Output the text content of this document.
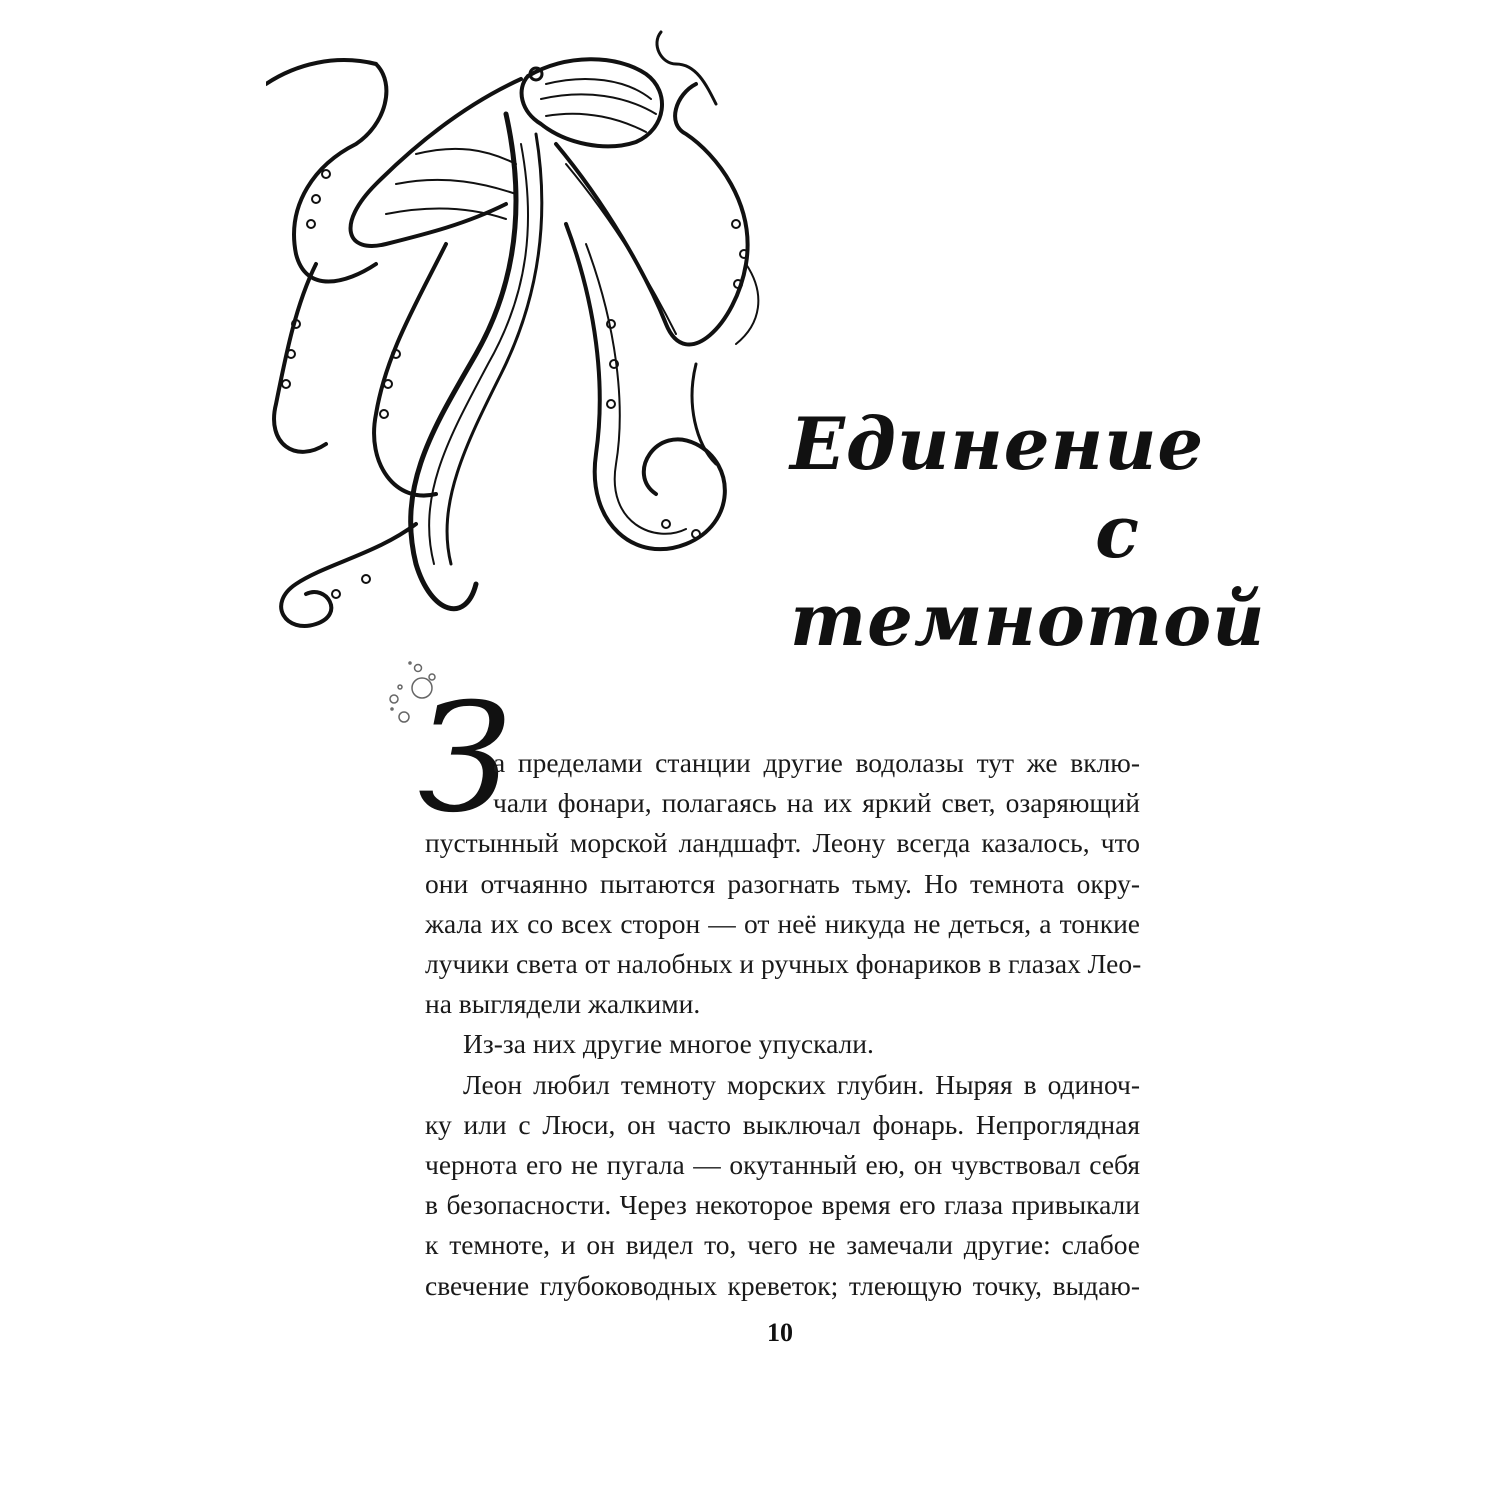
Единение
с темнотой
З
а пределами станции другие водолазы тут же вклю-
чали фонари, полагаясь на их яркий свет, озаряющий
пустынный морской ландшафт. Леону всегда казалось, что
они отчаянно пытаются разогнать тьму. Но темнота окру-
жала их со всех сторон — от неё никуда не деться, а тонкие
лучики света от налобных и ручных фонариков в глазах Лео-
на выглядели жалкими.
Из-за них другие многое упускали.
Леон любил темноту морских глубин. Ныряя в одиноч-
ку или с Люси, он часто выключал фонарь. Непроглядная
чернота его не пугала — окутанный ею, он чувствовал себя
в безопасности. Через некоторое время его глаза привыкали
к темноте, и он видел то, чего не замечали другие: слабое
свечение глубоководных креветок; тлеющую точку, выдаю-
10
